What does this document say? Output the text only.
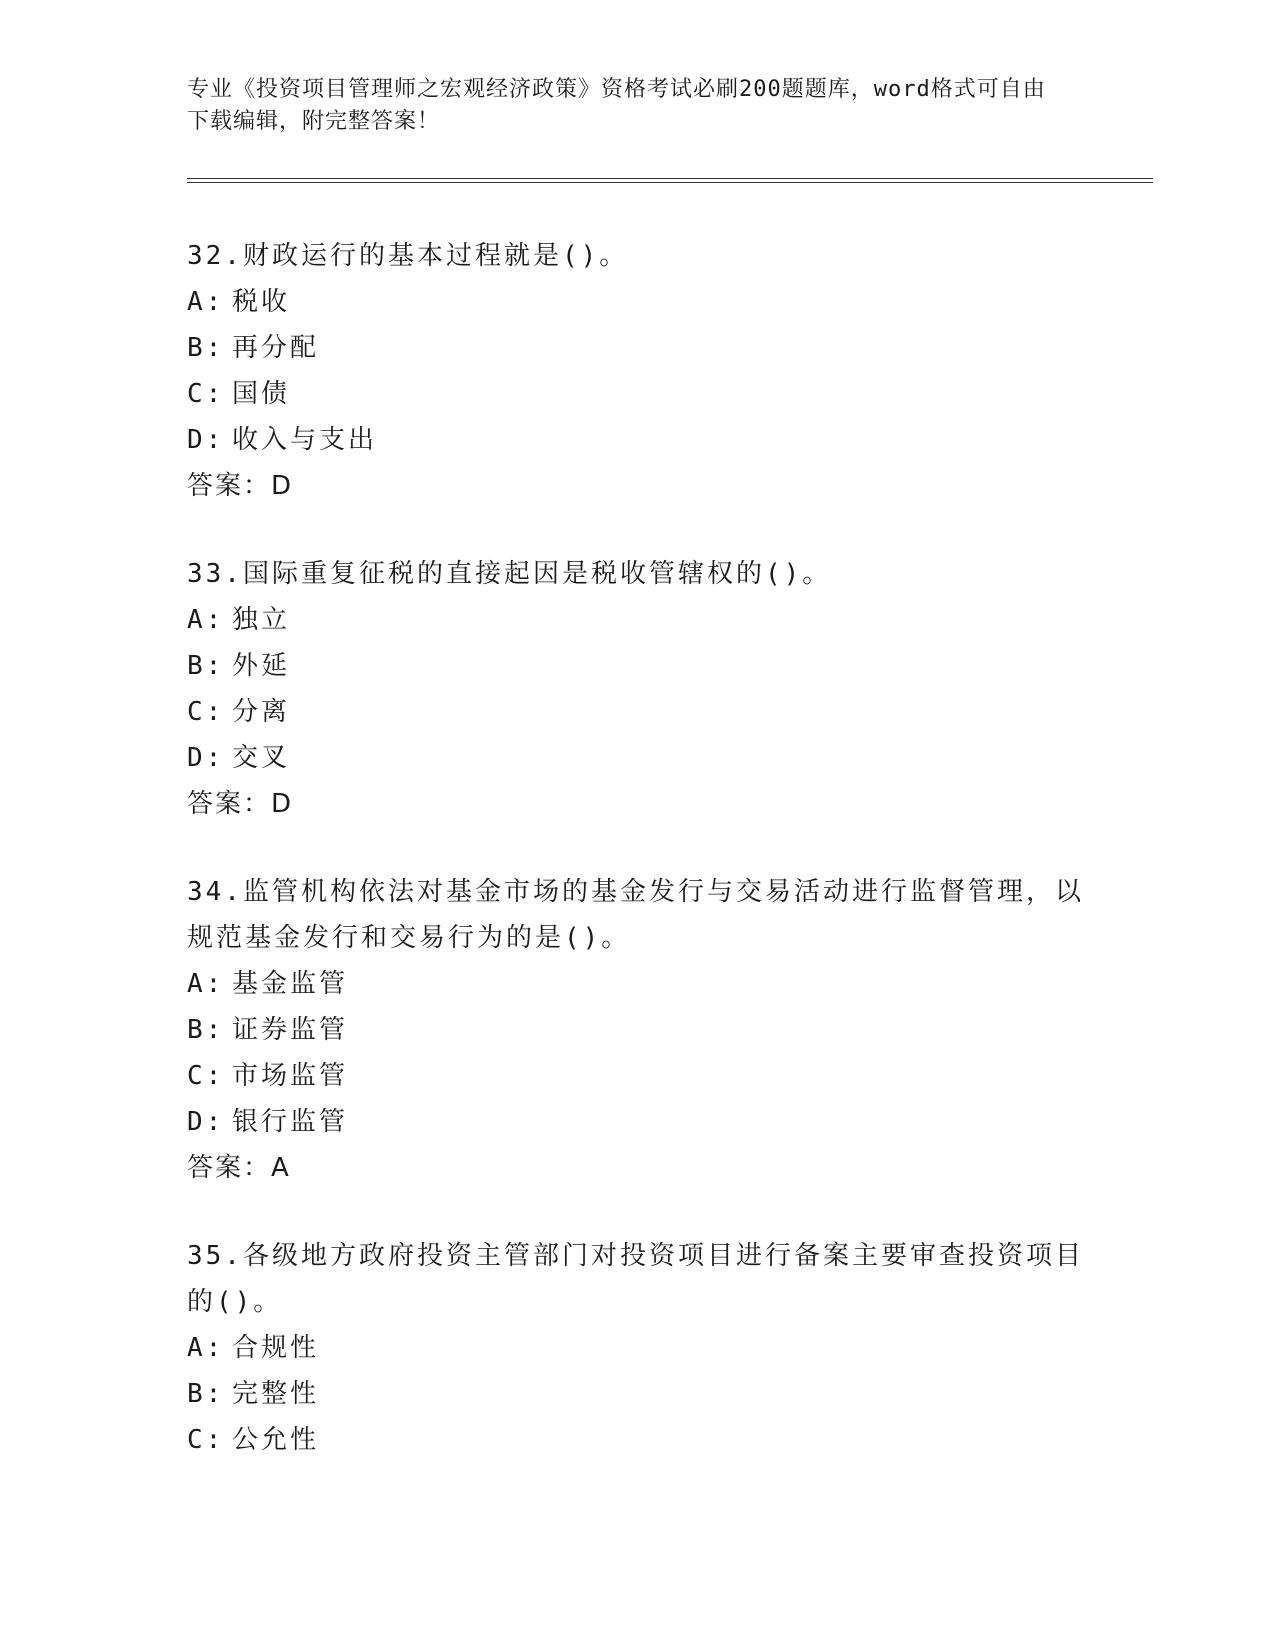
专业《投资项目管理师之宏观经济政策》资格考试必刷200题题库，word格式可自由下载编辑，附完整答案！
32.财政运行的基本过程就是()。
A: 税收
B: 再分配
C: 国债
D: 收入与支出
答案：D
33.国际重复征税的直接起因是税收管辖权的()。
A: 独立
B: 外延
C: 分离
D: 交叉
答案：D
34.监管机构依法对基金市场的基金发行与交易活动进行监督管理，以规范基金发行和交易行为的是()。
A: 基金监管
B: 证券监管
C: 市场监管
D: 银行监管
答案：A
35.各级地方政府投资主管部门对投资项目进行备案主要审查投资项目的()。
A: 合规性
B: 完整性
C: 公允性
